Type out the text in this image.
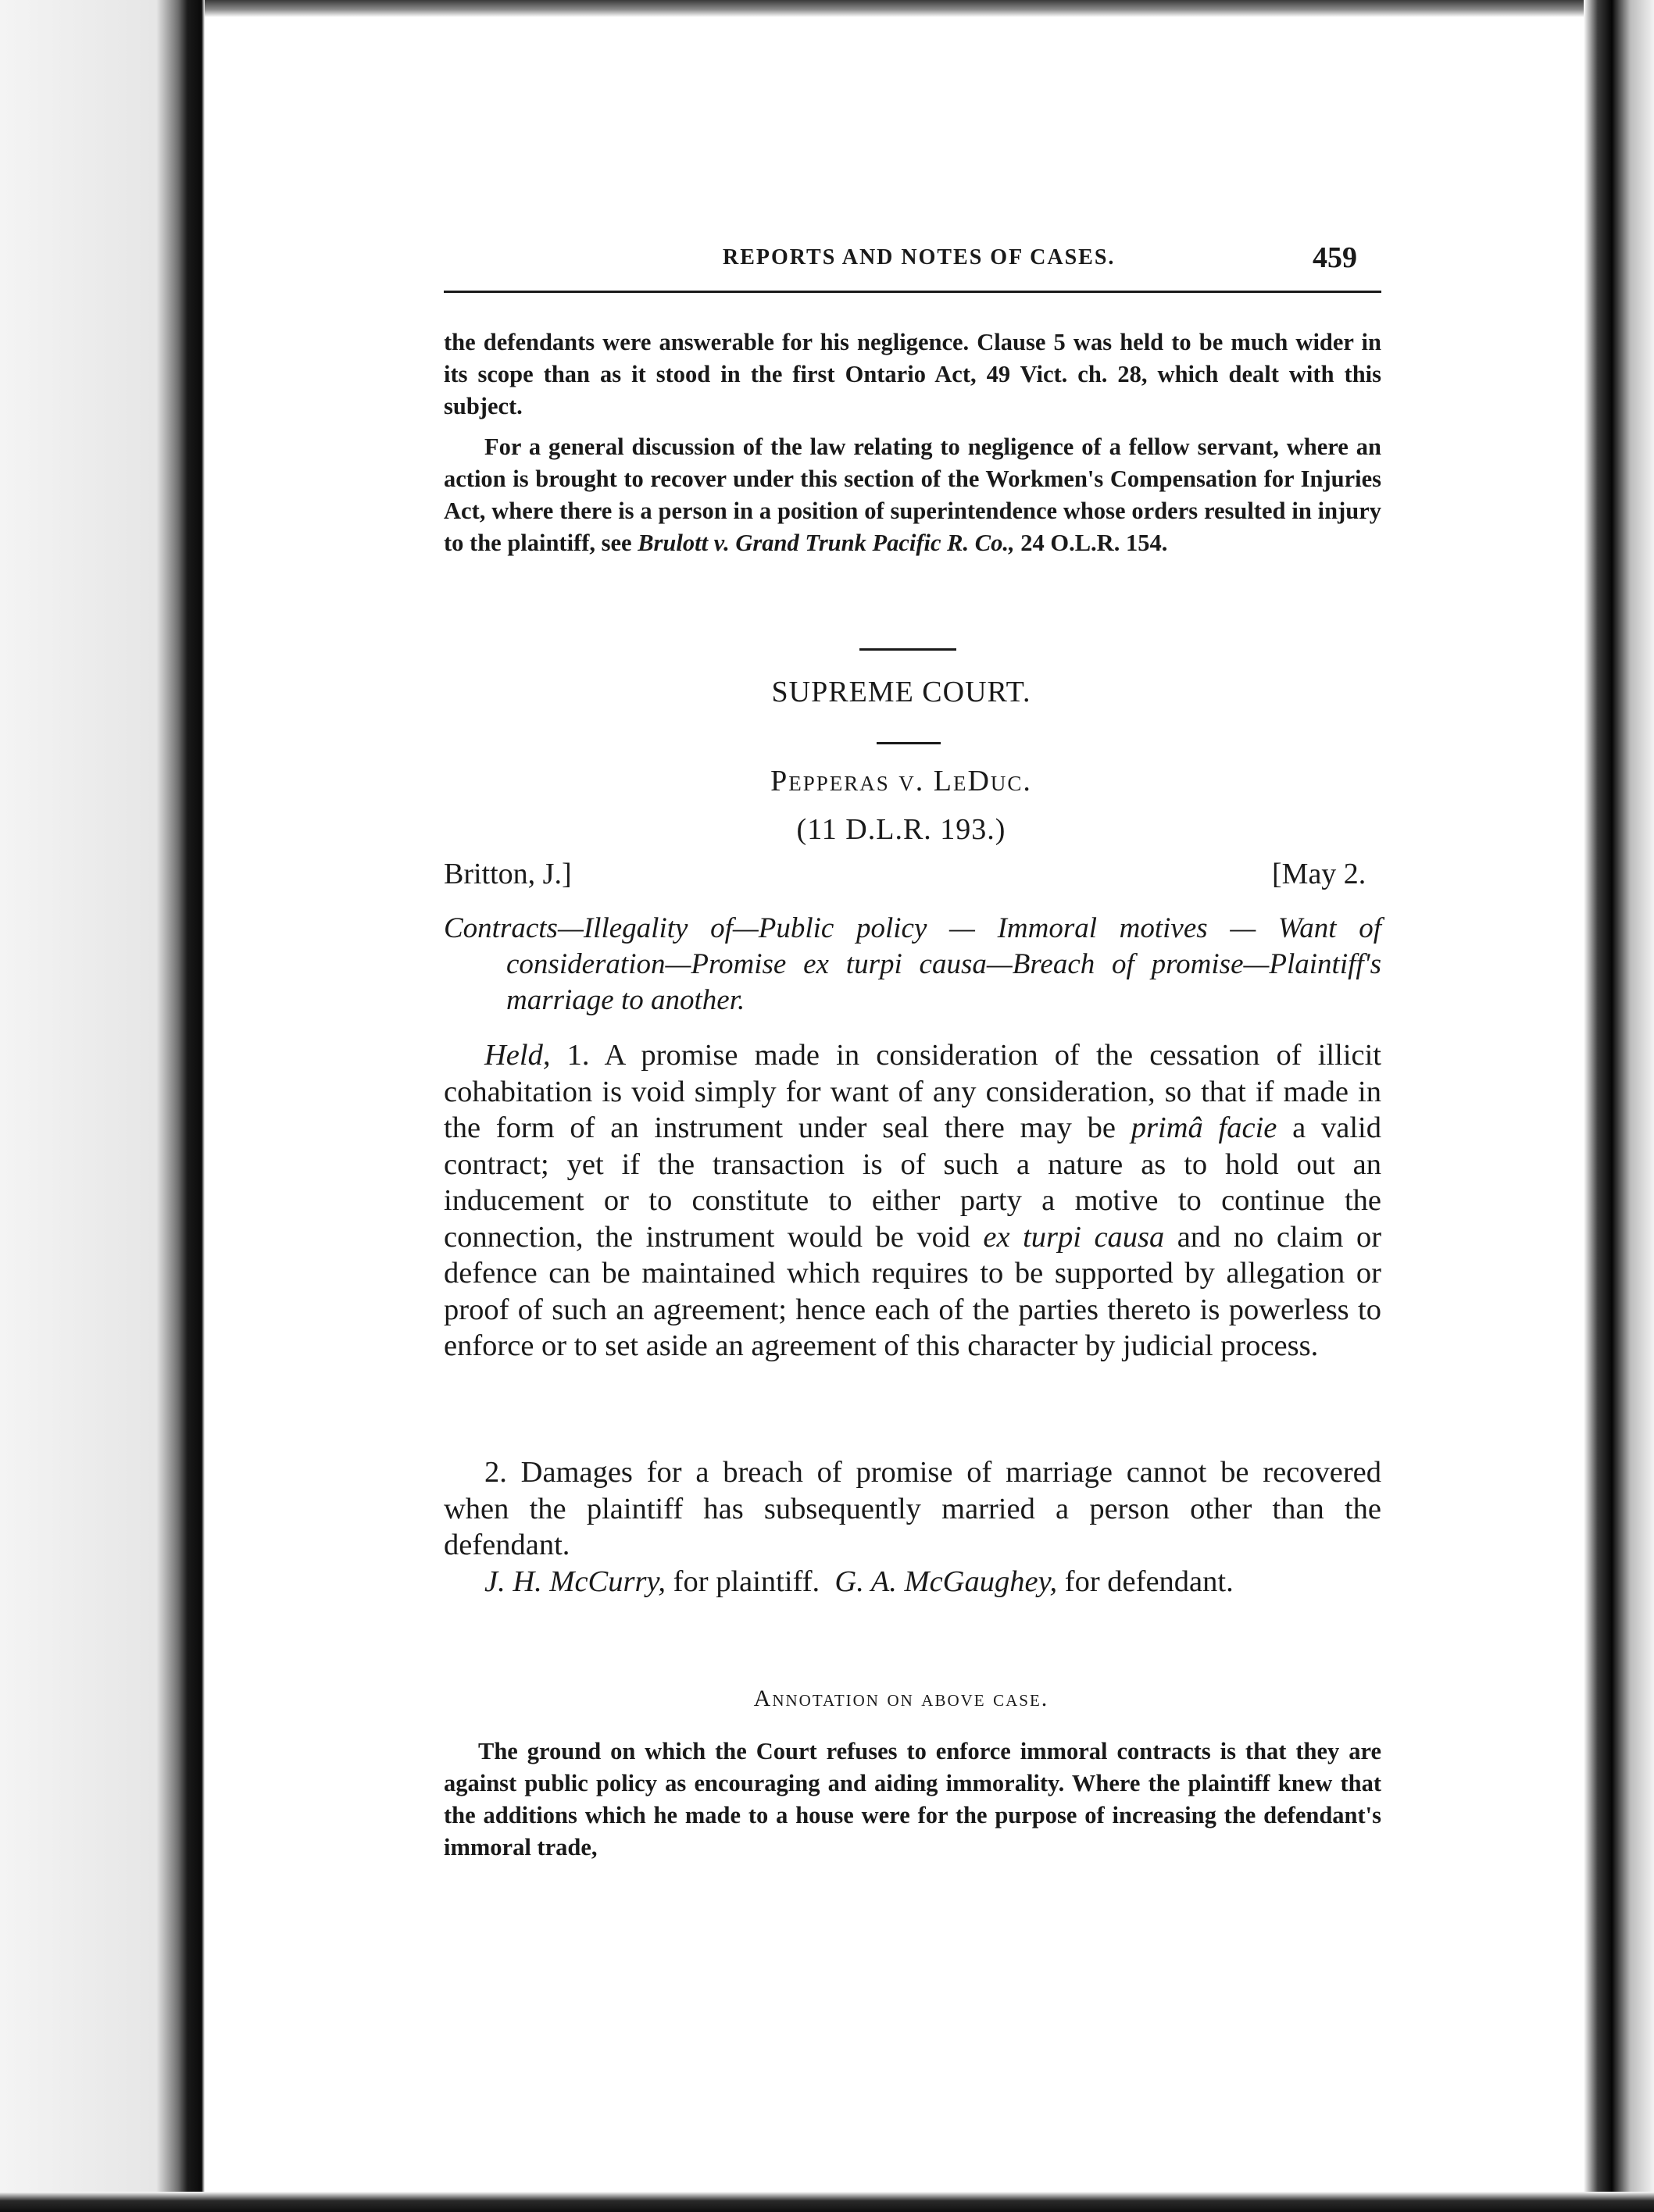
REPORTS AND NOTES OF CASES.	459

the defendants were answerable for his negligence. Clause 5 was held to be much wider in its scope than as it stood in the first Ontario Act, 49 Vict. ch. 28, which dealt with this subject.

For a general discussion of the law relating to negligence of a fellow servant, where an action is brought to recover under this section of the Workmen's Compensation for Injuries Act, where there is a person in a position of superintendence whose orders resulted in injury to the plaintiff, see Brulott v. Grand Trunk Pacific R. Co., 24 O.L.R. 154.

SUPREME COURT.
Pepperas v. LeDuc.
(11 D.L.R. 193.)
Britton, J.]	[May 2.

Contracts—Illegality of—Public policy — Immoral motives — Want of consideration—Promise ex turpi causa—Breach of promise—Plaintiff's marriage to another.

Held, 1. A promise made in consideration of the cessation of illicit cohabitation is void simply for want of any consideration, so that if made in the form of an instrument under seal there may be primâ facie a valid contract; yet if the transaction is of such a nature as to hold out an inducement or to constitute to either party a motive to continue the connection, the instrument would be void ex turpi causa and no claim or defence can be maintained which requires to be supported by allegation or proof of such an agreement; hence each of the parties thereto is powerless to enforce or to set aside an agreement of this character by judicial process.

2. Damages for a breach of promise of marriage cannot be recovered when the plaintiff has subsequently married a person other than the defendant.

J. H. McCurry, for plaintiff. G. A. McGaughey, for defendant.

Annotation on above case.

The ground on which the Court refuses to enforce immoral contracts is that they are against public policy as encouraging and aiding immorality. Where the plaintiff knew that the additions which he made to a house were for the purpose of increasing the defendant's immoral trade,
